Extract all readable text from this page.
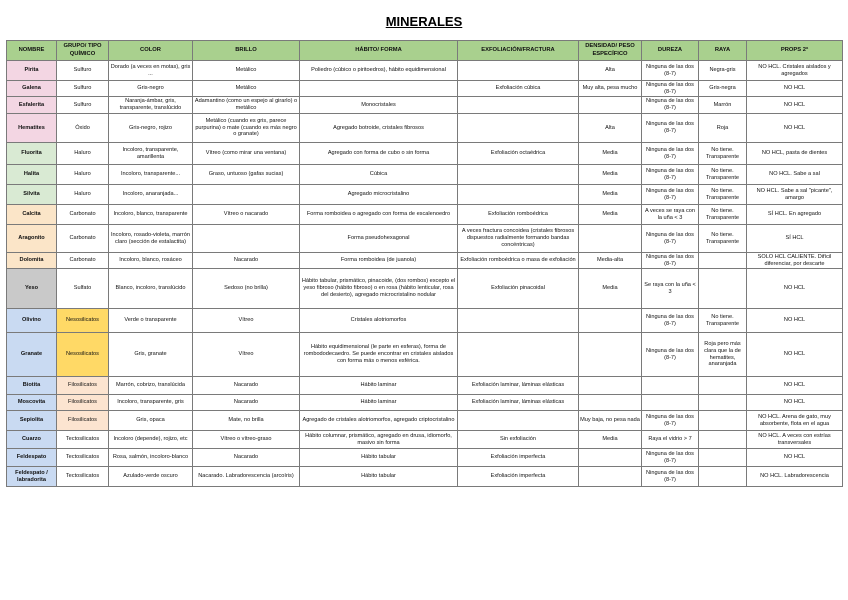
MINERALES
NOMBRE	GRUPO/ TIPO QUÍMICO	COLOR	BRILLO	HÁBITO/ FORMA	EXFOLIACIÓN/FRACTURA	DENSIDAD/ PESO ESPECÍFICO	DUREZA	RAYA	PROPS 2ª
Pirita	Sulfuro	Dorado (a veces en motas), gris ...	Metálico	Poliedro (cúbico o piritoedros), hábito equidimensional		Alta	Ninguna de las dos (8-7)	Negra-gris	NO HCL. Cristales aislados y agregados
Galena	Sulfuro	Gris-negro	Metálico		Exfoliación cúbica	Muy alta, pesa mucho	Ninguna de las dos (8-7)	Gris-negra	NO HCL
Esfalerita	Sulfuro	Naranja-ámbar, gris, transparente, translúcido	Adamantino (como un espejo al girarlo) o metálico	Monocristales			Ninguna de las dos (8-7)	Marrón	NO HCL
Hematites	Óxido	Gris-negro, rojizo	Metálico (cuando es gris, parece purpurina) o mate (cuando es más negro o granate)	Agregado botroide, cristales fibrosos		Alta	Ninguna de las dos (8-7)	Roja	NO HCL
Fluorita	Haluro	Incoloro, transparente, amarillenta	Vítreo (como mirar una ventana)	Agregado con forma de cubo o sin forma	Exfoliación octaédrica	Media	Ninguna de las dos (8-7)	No tiene. Transparente	NO HCL, pasta de dientes
Halita	Haluro	Incoloro, transparente...	Graso, untuoso (gafas sucias)	Cúbica		Media	Ninguna de las dos (8-7)	No tiene. Transparente	NO HCL. Sabe a sal
Silvita	Haluro	Incoloro, anaranjada...		Agregado microcristalino		Media	Ninguna de las dos (8-7)	No tiene. Transparente	NO HCL. Sabe a sal "picante", amargo
Calcita	Carbonato	Incoloro, blanco, transparente	Vítreo o nacarado	Forma romboidea o agregado con forma de escalenoedro	Exfoliación romboédrica	Media	A veces se raya con la uña < 3	No tiene. Transparente	SÍ HCL. En agregado
Aragonito	Carbonato	Incoloro, rosado-violeta, marrón claro (sección de estalactita)		Forma pseudohexagonal	A veces fractura concoidea (cristales fibrosos dispuestos radialmente formando bandas concéntricas)		Ninguna de las dos (8-7)	No tiene. Transparente	SÍ HCL
Dolomita	Carbonato	Incoloro, blanco, rosáceo	Nacarado	Forma romboidea (de juanola)	Exfoliación romboédrica o masa de exfoliación	Media-alta	Ninguna de las dos (8-7)		SOLO HCL CALIENTE. Difícil diferenciar, por descarte
Yeso	Sulfato	Blanco, incoloro, translúcido	Sedoso (no brilla)	Hábito tabular, prismático, pinacoide, (dos rombos) excepto el yeso fibroso (hábito fibroso) o en rosa (hábito lenticular, rosa del desierto), agregado microcristalino nodular	Exfoliación pinacoidal	Media	Se raya con la uña < 3		NO HCL
Olivino	Nesosilicatos	Verde o transparente	Vítreo	Cristales alotriomorfos			Ninguna de las dos (8-7)	No tiene. Transparente	NO HCL
Granate	Nesosilicatos	Gris, granate	Vítreo	Hábito equidimensional (le parte en esferas), forma de rombododecaedro. Se puede encontrar en cristales aislados con forma más o menos esférica.			Ninguna de las dos (8-7)	Roja pero más clara que la de hematites, anaranjada	NO HCL
Biotita	Filosilicatos	Marrón, cobrizo, translúcida	Nacarado	Hábito laminar	Exfoliación laminar, láminas elásticas				NO HCL
Moscovita	Filosilicatos	Incoloro, transparente, gris	Nacarado	Hábito laminar	Exfoliación laminar, láminas elásticas				NO HCL
Sepiolita	Filosilicatos	Gris, opaca	Mate, no brilla	Agregado de cristales alotriomorfos, agregado criptocristalino		Muy baja, no pesa nada	Ninguna de las dos (8-7)		NO HCL. Arena de gato, muy absorbente, flota en el agua
Cuarzo	Tectosilicatos	Incoloro (depende), rojizo, etc	Vítreo o vítreo-graso	Hábito columnar, prismático, agregado en drusa, idiomorfo, masivo sin forma	Sin exfoliación	Media	Raya el vidrio > 7		NO HCL. A veces con estrías transversales
Feldespato	Tectosilicatos	Rosa, salmón, incoloro-blanco	Nacarado	Hábito tabular	Exfoliación imperfecta		Ninguna de las dos (8-7)		NO HCL
Feldespato / labradorita	Tectosilicatos	Azulado-verde oscuro	Nacarado. Labradorescencia (arcoíris)	Hábito tabular	Exfoliación imperfecta		Ninguna de las dos (8-7)		NO HCL. Labradorescencia
